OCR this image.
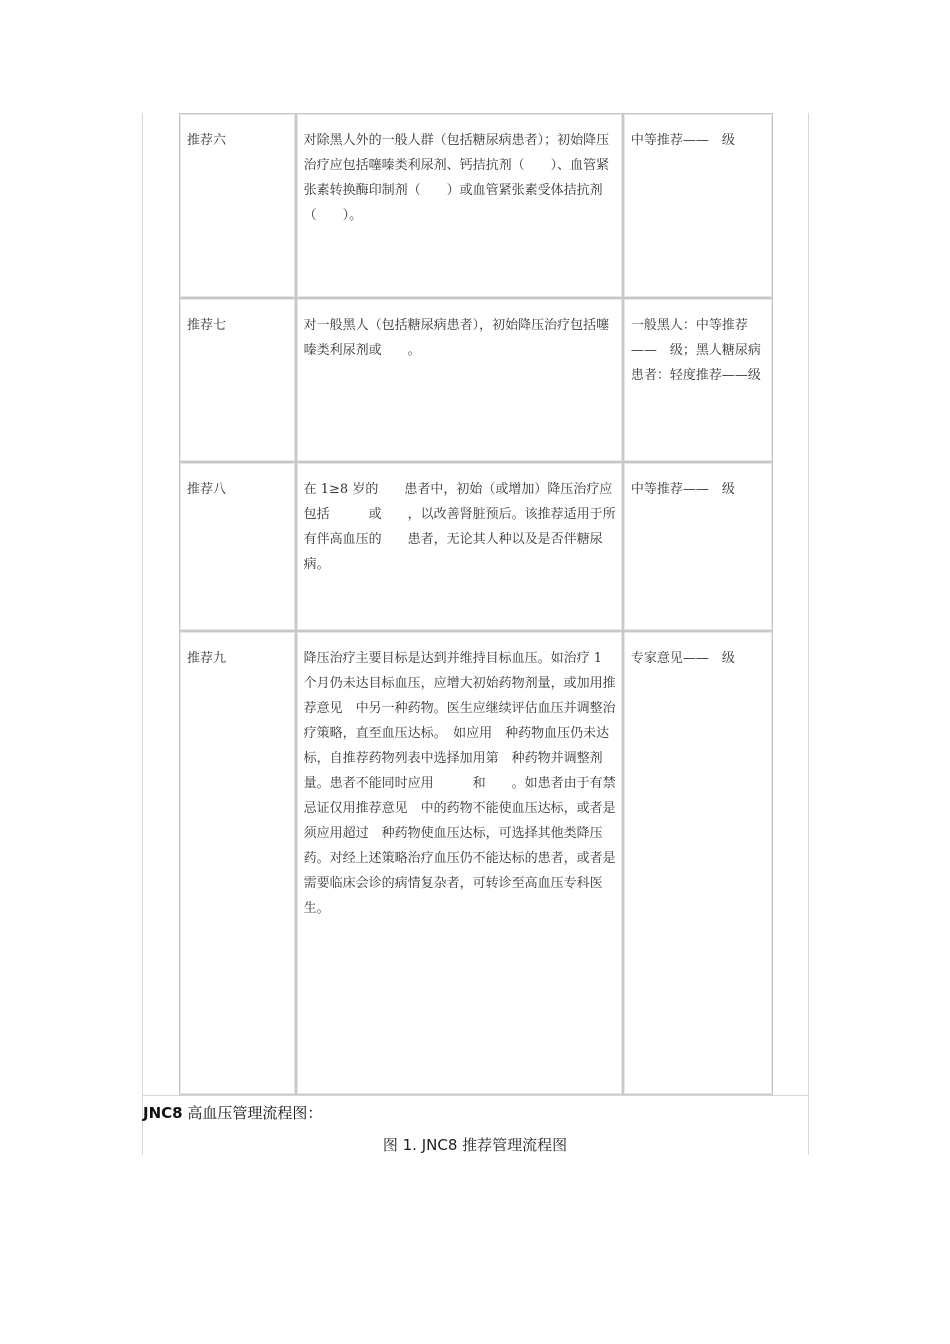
推荐六	对除黑人外的一般人群（包括糖尿病患者）；初始降压治疗应包括噻嗪类利尿剂、钙拮抗剂（　　）、血管紧张素转换酶印制剂（　　）或血管紧张素受体拮抗剂（　　）。	中等推荐——　级
推荐七	对一般黑人（包括糖尿病患者），初始降压治疗包括噻嗪类利尿剂或　　。	一般黑人：中等推荐——　级；黑人糖尿病患者：轻度推荐——级
推荐八	在 1≥8 岁的　　患者中，初始（或增加）降压治疗应包括　　　或　　，以改善肾脏预后。该推荐适用于所有伴高血压的　　患者，无论其人种以及是否伴糖尿病。	中等推荐——　级
推荐九	降压治疗主要目标是达到并维持目标血压。如治疗 1 个月仍未达目标血压，应增大初始药物剂量，或加用推荐意见　中另一种药物。医生应继续评估血压并调整治疗策略，直至血压达标。　如应用　种药物血压仍未达标，自推荐药物列表中选择加用第　种药物并调整剂量。患者不能同时应用　　　和　　。如患者由于有禁忌证仅用推荐意见　中的药物不能使血压达标，或者是须应用超过　种药物使血压达标，可选择其他类降压药。对经上述策略治疗血压仍不能达标的患者，或者是需要临床会诊的病情复杂者，可转诊至高血压专科医生。	专家意见——　级
JNC8 高血压管理流程图：
图 1. JNC8 推荐管理流程图
